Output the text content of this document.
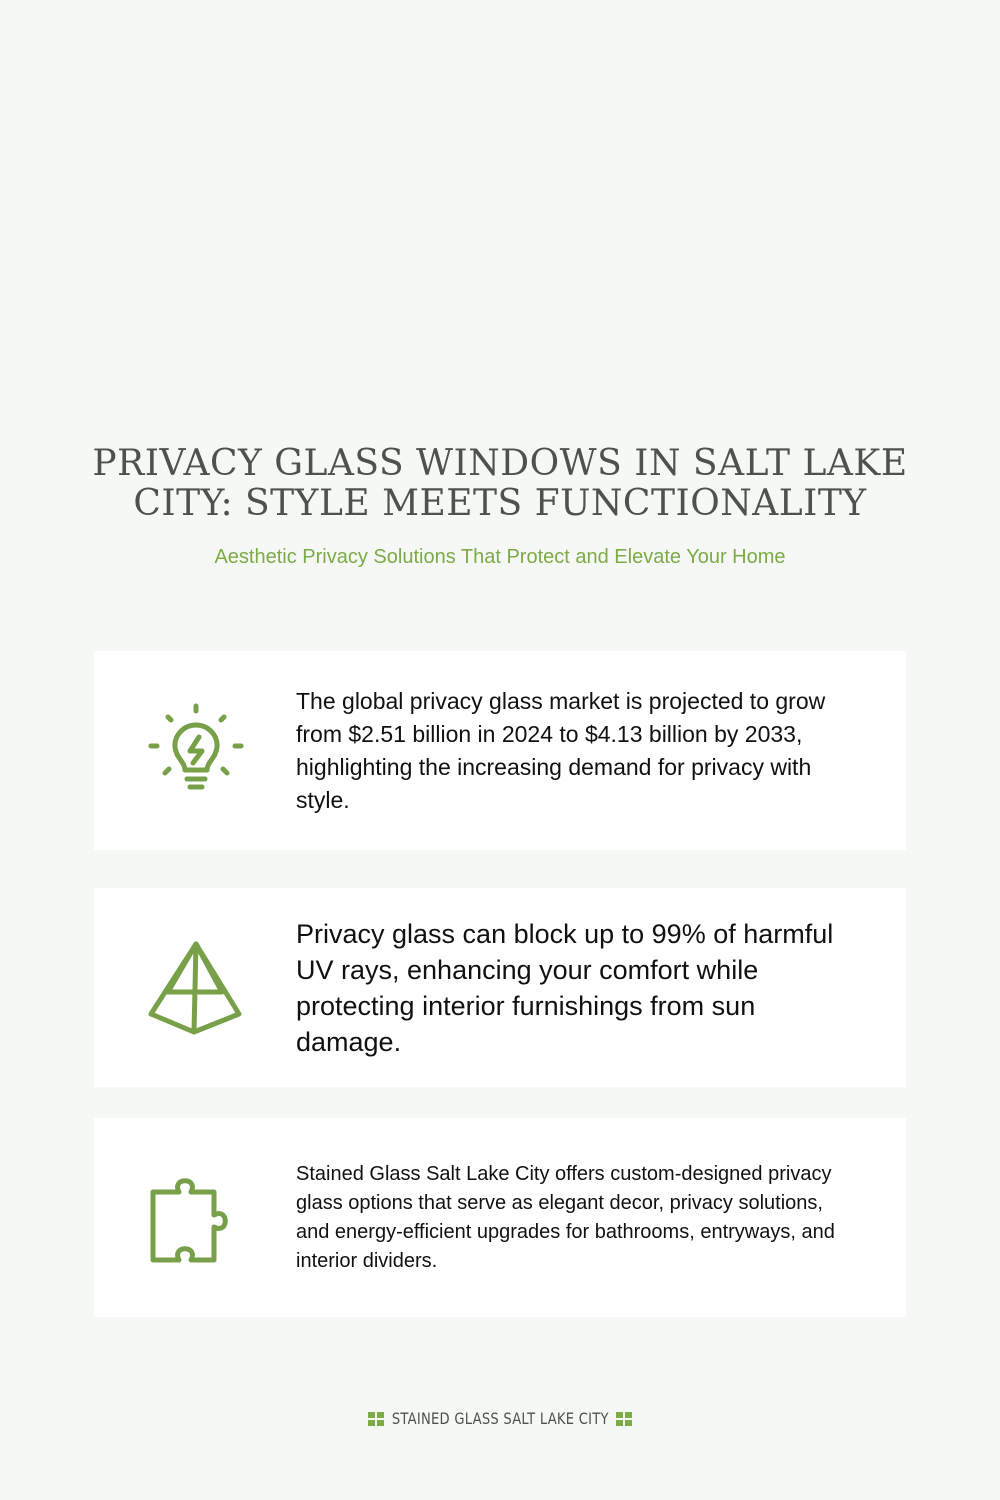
PRIVACY GLASS WINDOWS IN SALT LAKE CITY: STYLE MEETS FUNCTIONALITY

Aesthetic Privacy Solutions That Protect and Elevate Your Home

The global privacy glass market is projected to grow from $2.51 billion in 2024 to $4.13 billion by 2033, highlighting the increasing demand for privacy with style.

Privacy glass can block up to 99% of harmful UV rays, enhancing your comfort while protecting interior furnishings from sun damage.

Stained Glass Salt Lake City offers custom-designed privacy glass options that serve as elegant decor, privacy solutions, and energy-efficient upgrades for bathrooms, entryways, and interior dividers.

STAINED GLASS SALT LAKE CITY
